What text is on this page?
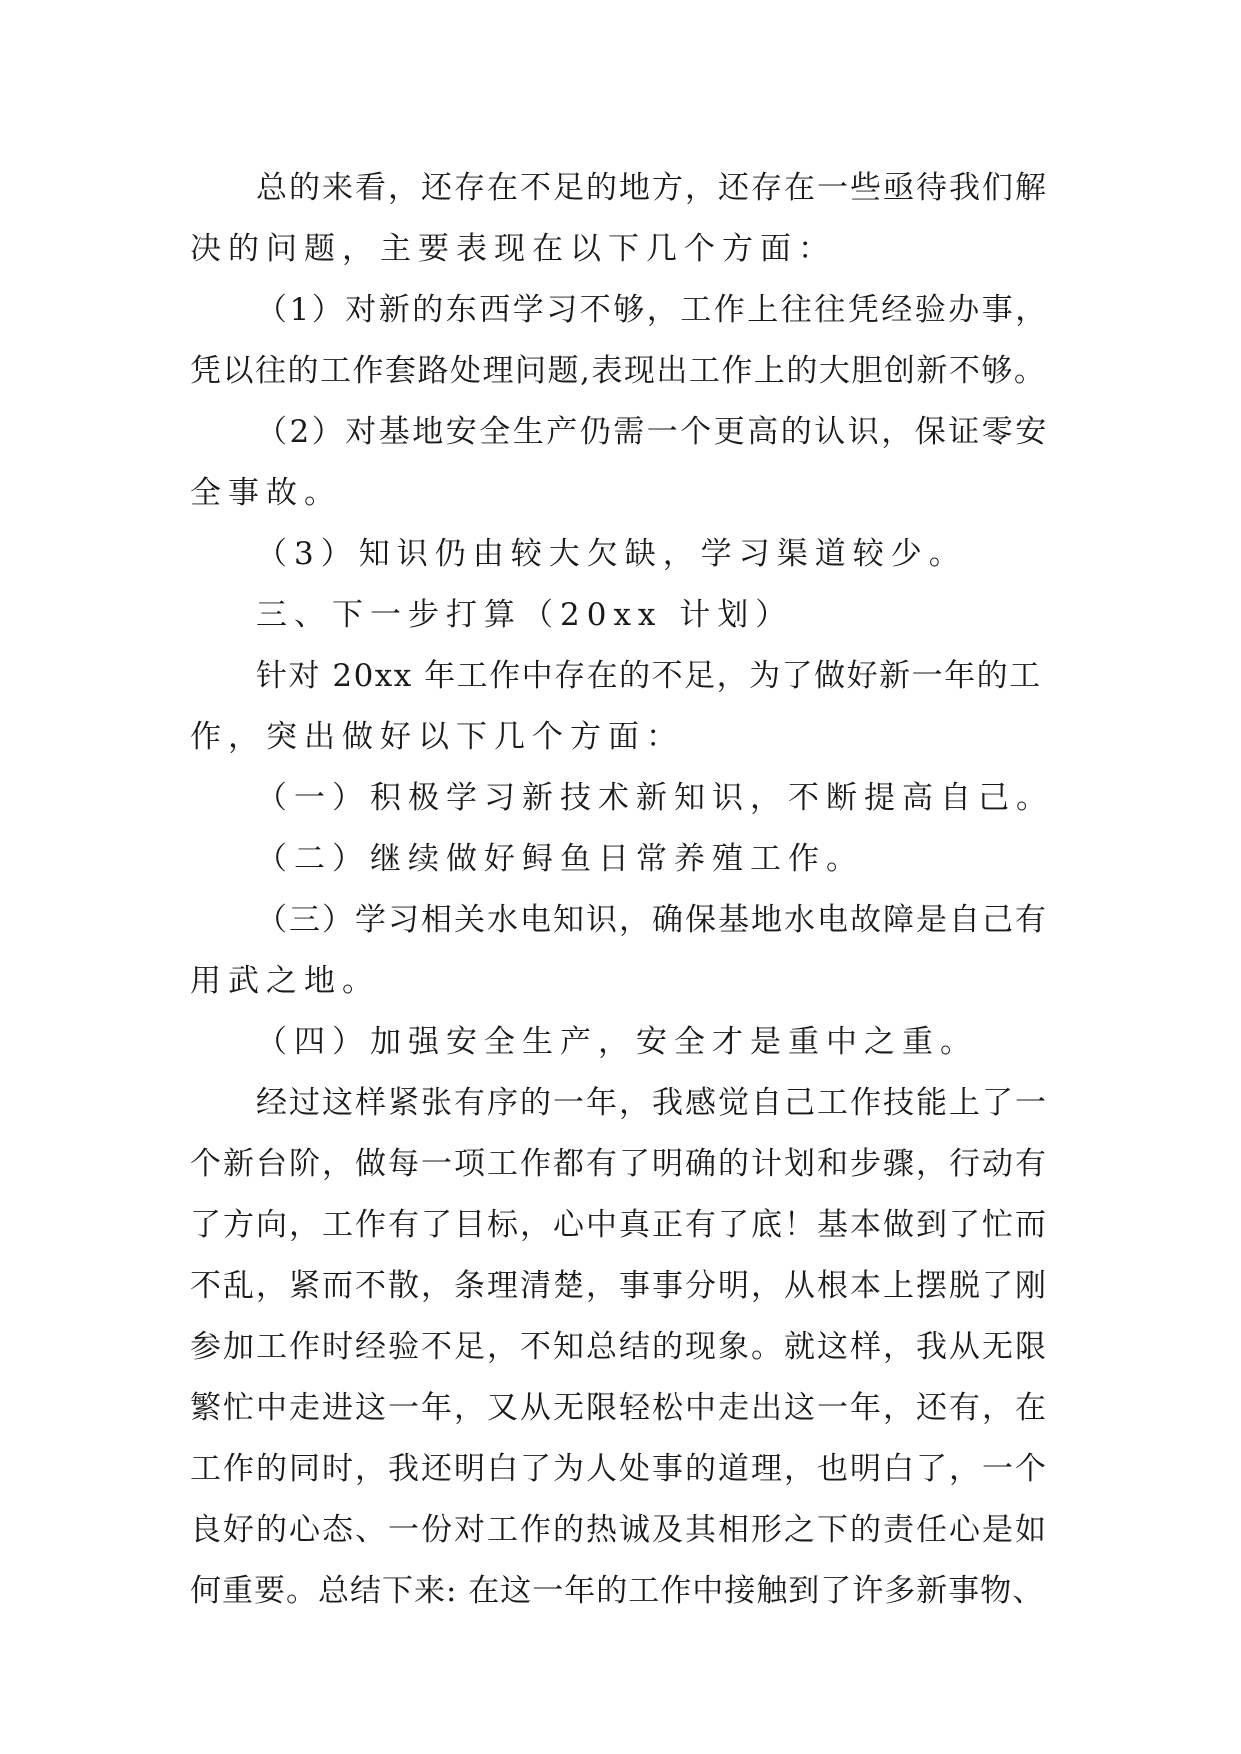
总的来看，还存在不足的地方，还存在一些亟待我们解
决的问题，主要表现在以下几个方面：
（1）对新的东西学习不够，工作上往往凭经验办事，
凭以往的工作套路处理问题,表现出工作上的大胆创新不够。
（2）对基地安全生产仍需一个更高的认识，保证零安
全事故。
（3）知识仍由较大欠缺，学习渠道较少。
三、下一步打算（20xx 计划）
针对 20xx 年工作中存在的不足，为了做好新一年的工
作，突出做好以下几个方面：
（一）积极学习新技术新知识，不断提高自己。
（二）继续做好鲟鱼日常养殖工作。
（三）学习相关水电知识，确保基地水电故障是自己有
用武之地。
（四）加强安全生产，安全才是重中之重。
经过这样紧张有序的一年，我感觉自己工作技能上了一
个新台阶，做每一项工作都有了明确的计划和步骤，行动有
了方向，工作有了目标，心中真正有了底！基本做到了忙而
不乱，紧而不散，条理清楚，事事分明，从根本上摆脱了刚
参加工作时经验不足，不知总结的现象。就这样，我从无限
繁忙中走进这一年，又从无限轻松中走出这一年，还有，在
工作的同时，我还明白了为人处事的道理，也明白了，一个
良好的心态、一份对工作的热诚及其相形之下的责任心是如
何重要。总结下来: 在这一年的工作中接触到了许多新事物、
